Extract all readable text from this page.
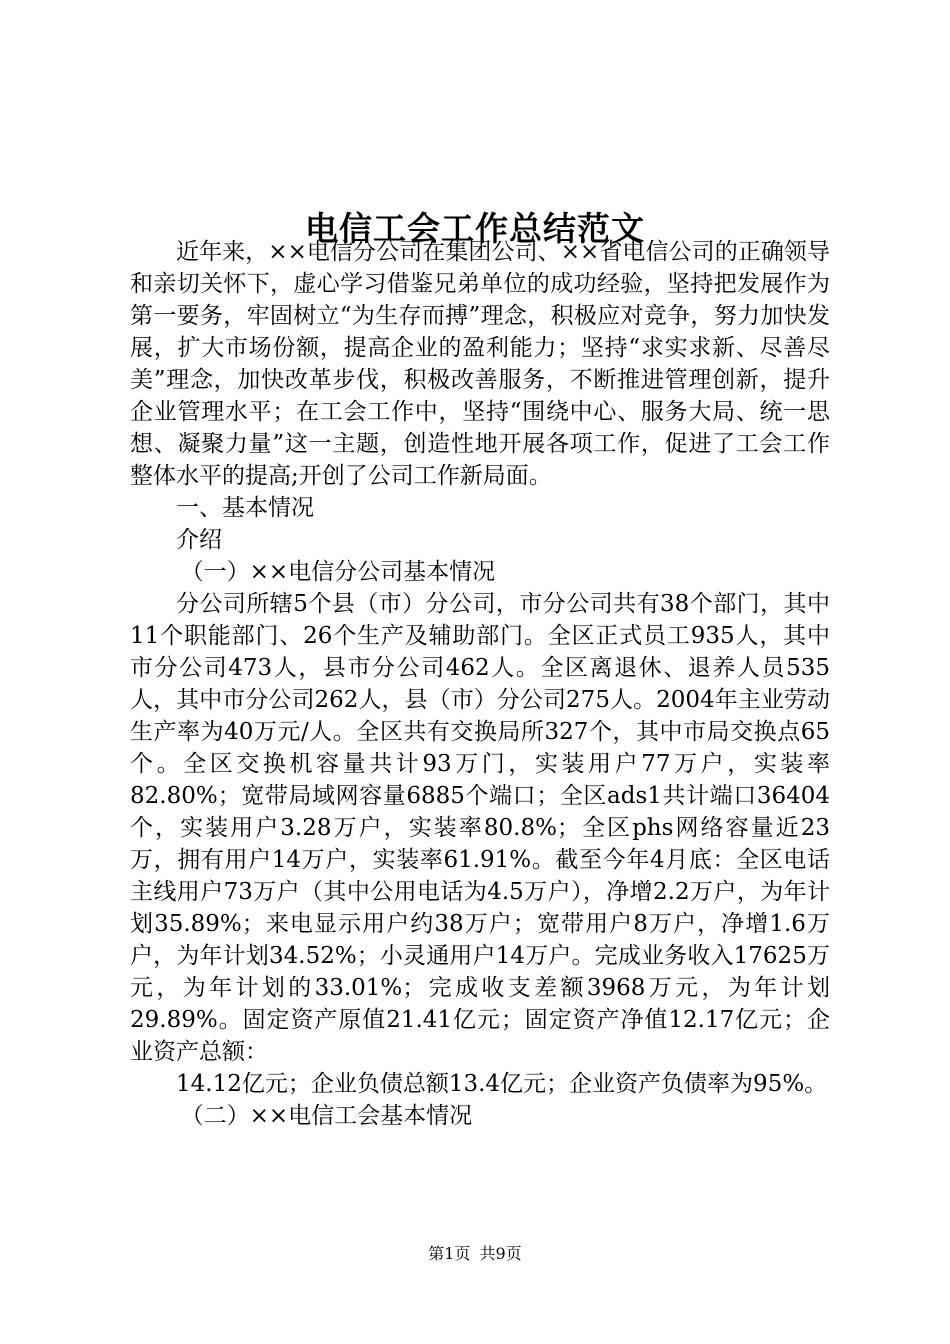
电信工会工作总结范文

近年来，××电信分公司在集团公司、××省电信公司的正确领导和亲切关怀下，虚心学习借鉴兄弟单位的成功经验，坚持把发展作为第一要务，牢固树立“为生存而搏”理念，积极应对竞争，努力加快发展，扩大市场份额，提高企业的盈利能力；坚持“求实求新、尽善尽美”理念，加快改革步伐，积极改善服务，不断推进管理创新，提升企业管理水平；在工会工作中，坚持“围绕中心、服务大局、统一思想、凝聚力量”这一主题，创造性地开展各项工作，促进了工会工作整体水平的提高;开创了公司工作新局面。

一、基本情况

介绍

（一）××电信分公司基本情况

分公司所辖5个县（市）分公司，市分公司共有38个部门，其中11个职能部门、26个生产及辅助部门。全区正式员工935人，其中市分公司473人，县市分公司462人。全区离退休、退养人员535人，其中市分公司262人，县（市）分公司275人。2004年主业劳动生产率为40万元/人。全区共有交换局所327个，其中市局交换点65个。全区交换机容量共计93万门，实装用户77万户，实装率82.80%；宽带局域网容量6885个端口；全区ads1共计端口36404个，实装用户3.28万户，实装率80.8%；全区phs网络容量近23万，拥有用户14万户，实装率61.91%。截至今年4月底：全区电话主线用户73万户（其中公用电话为4.5万户），净增2.2万户，为年计划35.89%；来电显示用户约38万户；宽带用户8万户，净增1.6万户，为年计划34.52%；小灵通用户14万户。完成业务收入17625万元，为年计划的33.01%；完成收支差额3968万元，为年计划29.89%。固定资产原值21.41亿元；固定资产净值12.17亿元；企业资产总额：

14.12亿元；企业负债总额13.4亿元；企业资产负债率为95%。

（二）××电信工会基本情况

第1页 共9页
